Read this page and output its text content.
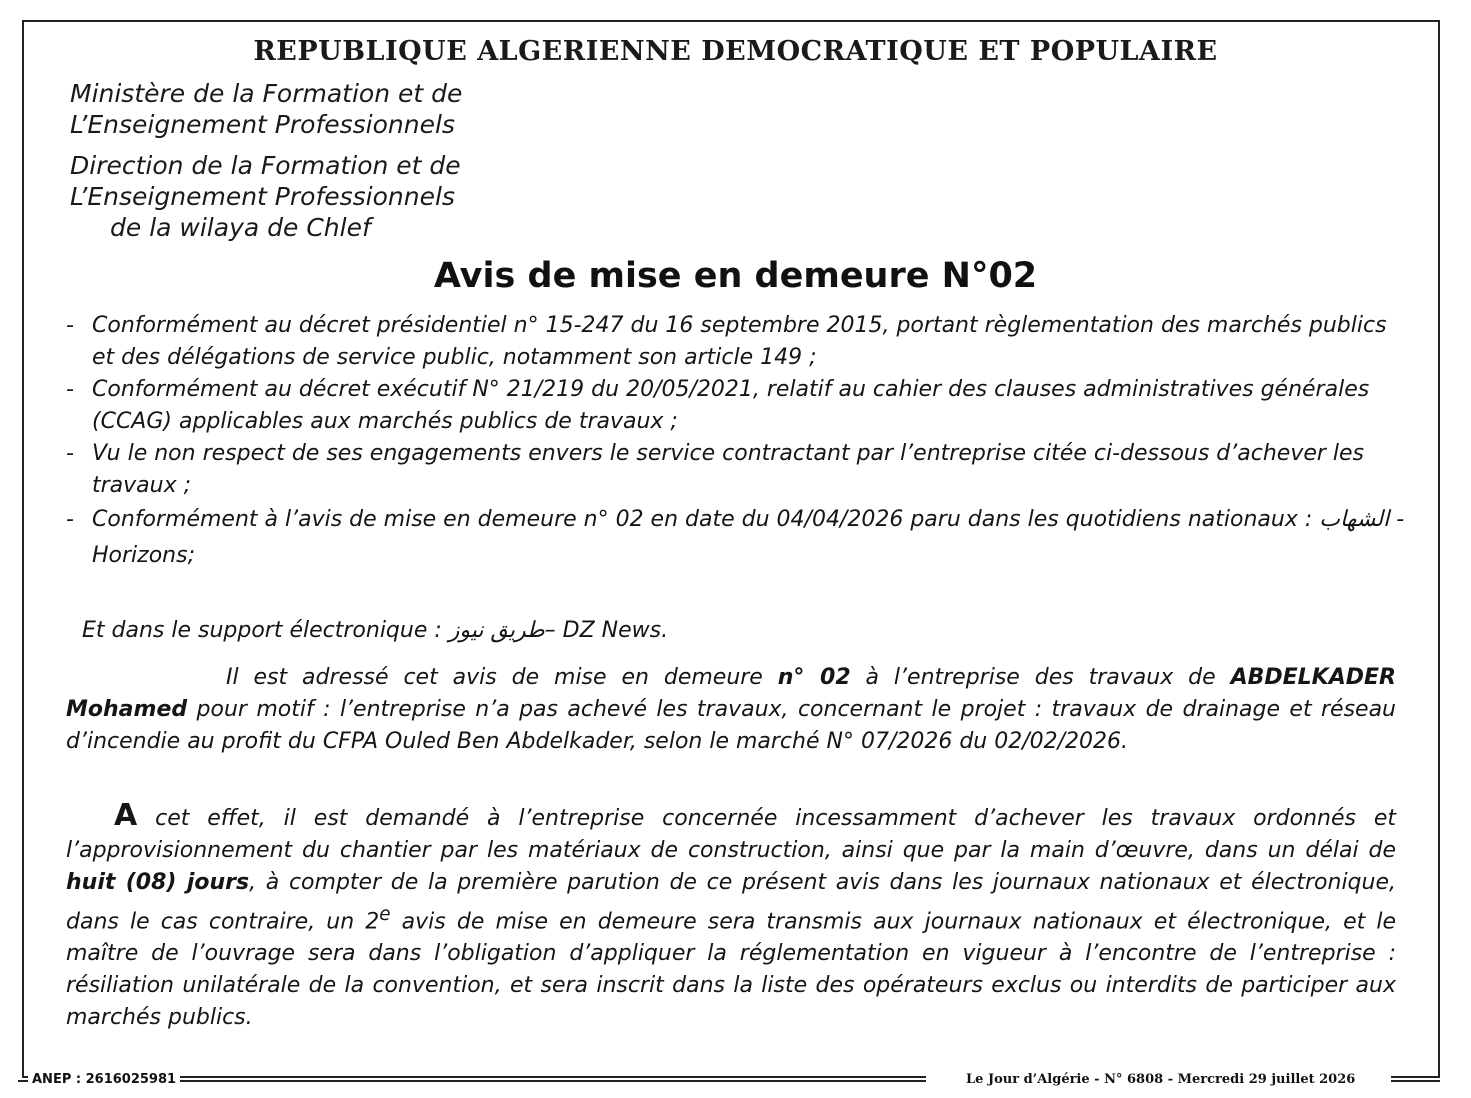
REPUBLIQUE ALGERIENNE DEMOCRATIQUE ET POPULAIRE
Ministère de la Formation et de
L’Enseignement Professionnels
Direction de la Formation et de
L’Enseignement Professionnels
de la wilaya de Chlef
Avis de mise en demeure N°02
- Conformément au décret présidentiel n° 15-247 du 16 septembre 2015, portant règlementation des marchés publics et des délégations de service public, notamment son article 149 ;
- Conformément au décret exécutif N° 21/219 du 20/05/2021, relatif au cahier des clauses administratives générales (CCAG) applicables aux marchés publics de travaux ;
- Vu le non respect de ses engagements envers le service contractant par l’entreprise citée ci-dessous d’achever les travaux ;
- Conformément à l’avis de mise en demeure n° 02 en date du 04/04/2026 paru dans les quotidiens nationaux : الشهاب - Horizons;
Et dans le support électronique : طريق نيوز– DZ News.
Il est adressé cet avis de mise en demeure n° 02 à l’entreprise des travaux de ABDELKADER Mohamed pour motif : l’entreprise n’a pas achevé les travaux, concernant le projet : travaux de drainage et réseau d’incendie au profit du CFPA Ouled Ben Abdelkader, selon le marché N° 07/2026 du 02/02/2026.
A cet effet, il est demandé à l’entreprise concernée incessamment d’achever les travaux ordonnés et l’approvisionnement du chantier par les matériaux de construction, ainsi que par la main d’œuvre, dans un délai de huit (08) jours, à compter de la première parution de ce présent avis dans les journaux nationaux et électronique, dans le cas contraire, un 2e avis de mise en demeure sera transmis aux journaux nationaux et électronique, et le maître de l’ouvrage sera dans l’obligation d’appliquer la réglementation en vigueur à l’encontre de l’entreprise : résiliation unilatérale de la convention, et sera inscrit dans la liste des opérateurs exclus ou interdits de participer aux marchés publics.
ANEP : 2616025981	Le Jour d’Algérie - N° 6808 - Mercredi 29 juillet 2026
